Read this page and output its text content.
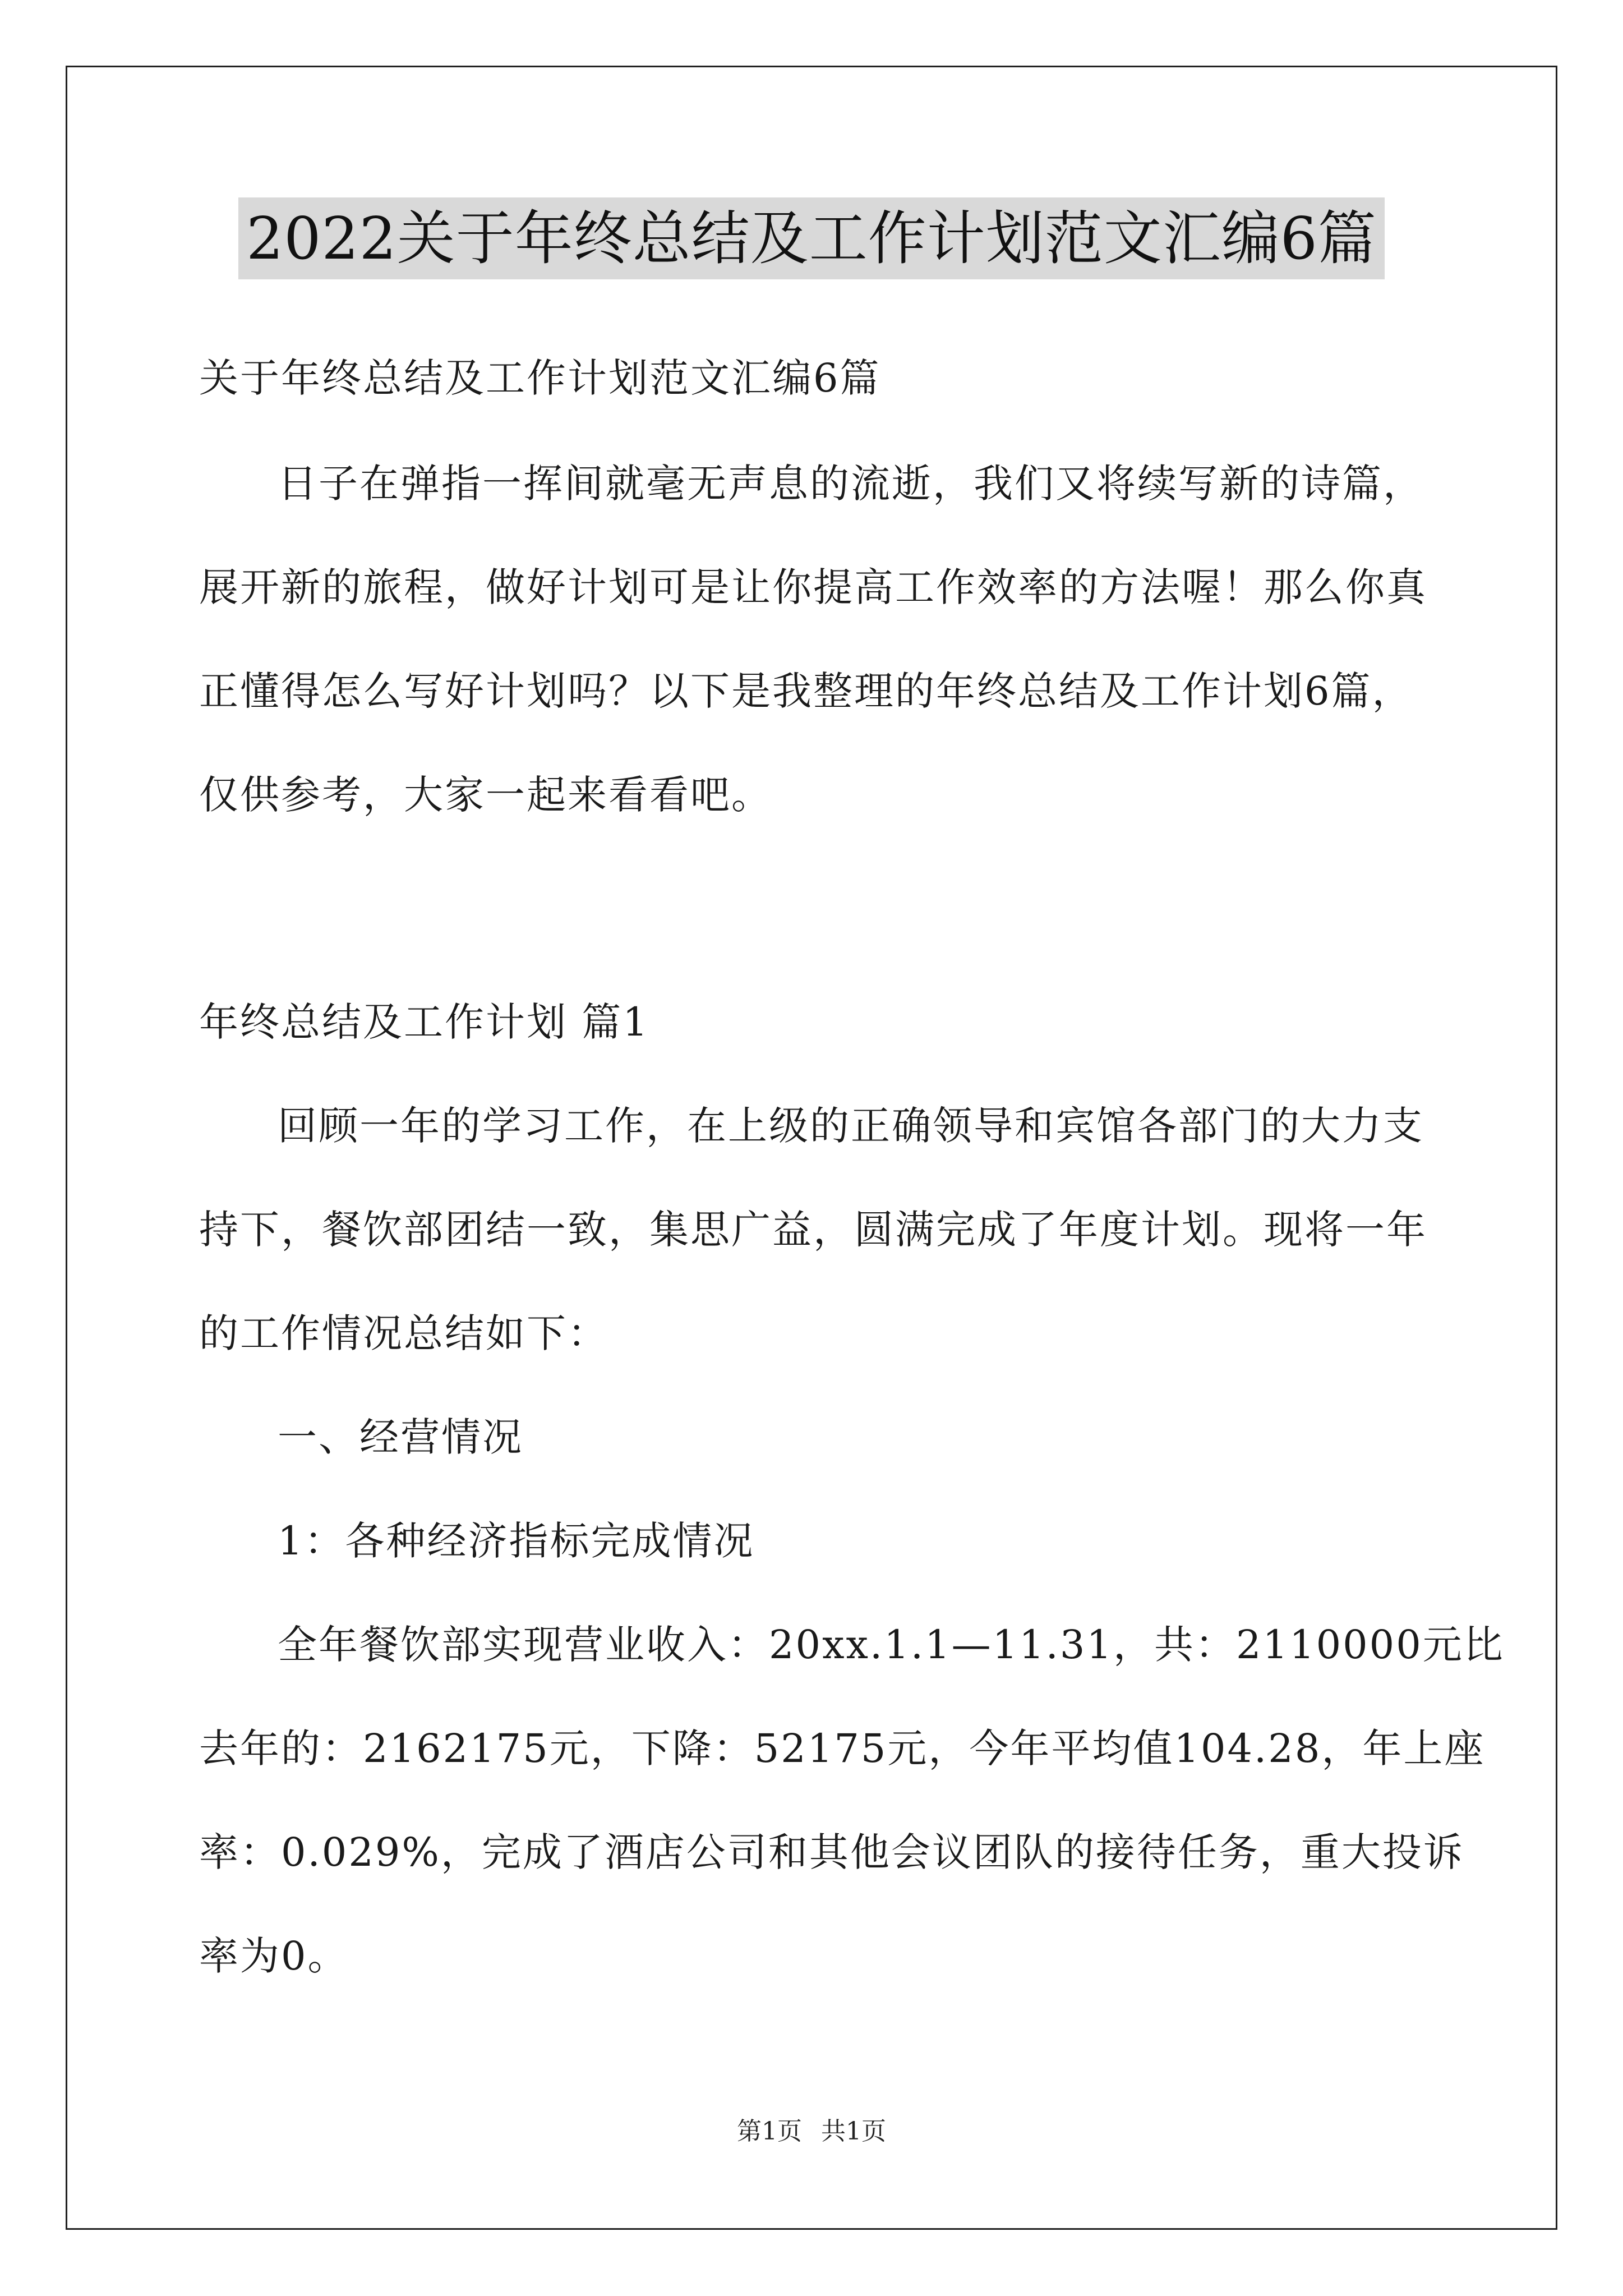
2022关于年终总结及工作计划范文汇编6篇
关于年终总结及工作计划范文汇编6篇
日子在弹指一挥间就毫无声息的流逝，我们又将续写新的诗篇，
展开新的旅程，做好计划可是让你提高工作效率的方法喔！那么你真
正懂得怎么写好计划吗？以下是我整理的年终总结及工作计划6篇，
仅供参考，大家一起来看看吧。
年终总结及工作计划 篇1
回顾一年的学习工作，在上级的正确领导和宾馆各部门的大力支
持下，餐饮部团结一致，集思广益，圆满完成了年度计划。现将一年
的工作情况总结如下：
一、经营情况
1：各种经济指标完成情况
全年餐饮部实现营业收入：20xx.1.1—11.31，共：2110000元比
去年的：2162175元，下降：52175元，今年平均值104.28，年上座
率：0.029%，完成了酒店公司和其他会议团队的接待任务，重大投诉
率为0。
第1页 共1页
